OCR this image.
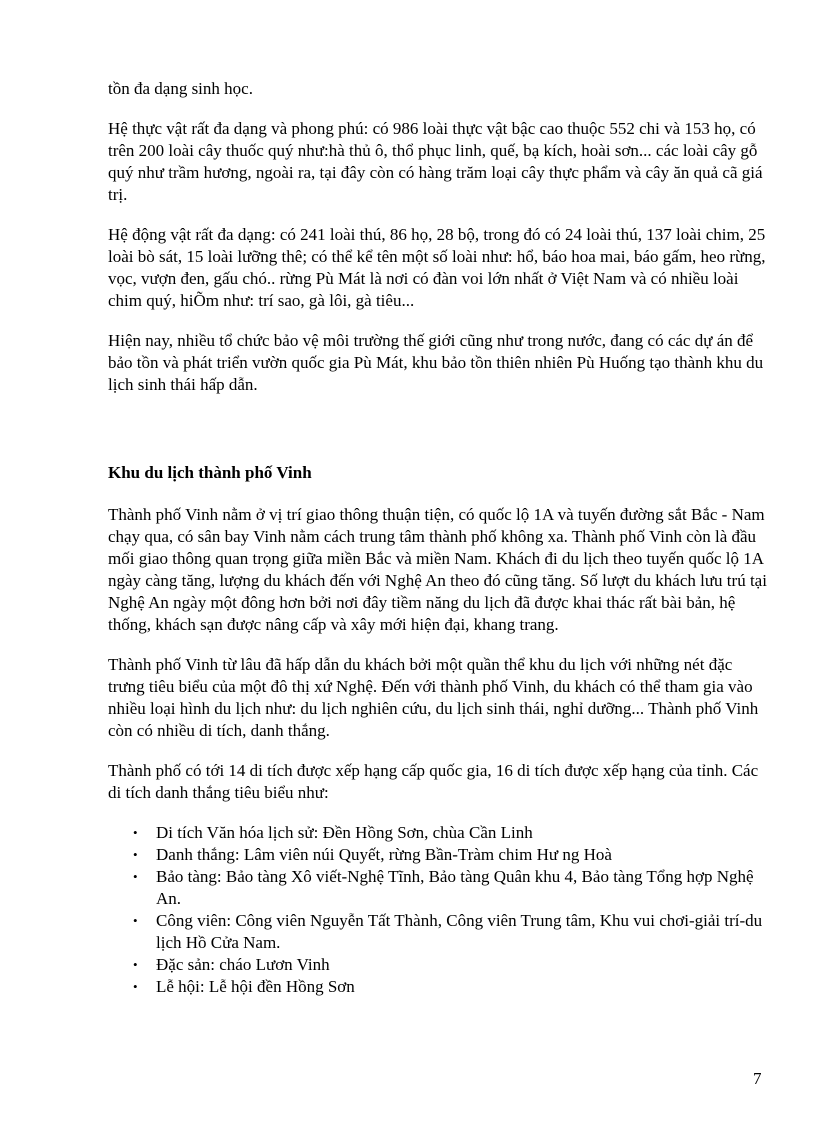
tồn đa dạng sinh học.

Hệ thực vật rất đa dạng và phong phú: có 986 loài thực vật bậc cao thuộc 552 chi và 153 họ, có trên 200 loài cây thuốc quý như:hà thủ ô, thổ phục linh, quế, bạ kích, hoài sơn... các loài cây gỗ quý như trầm hương, ngoài ra, tại đây còn có hàng trăm loại cây thực phẩm và cây ăn quả cã giá trị.

Hệ động vật rất đa dạng: có 241 loài thú, 86 họ, 28 bộ, trong đó có 24 loài thú, 137 loài chim, 25 loài bò sát, 15 loài lưỡng thê; có thể kể tên một số loài như: hổ, báo hoa mai, báo gấm, heo rừng, vọc, vượn đen, gấu chó.. rừng Pù Mát là nơi có đàn voi lớn nhất ở Việt Nam và có nhiều loài chim quý, hiÕm như: trí sao, gà lôi, gà tiêu...

Hiện nay, nhiều tổ chức bảo vệ môi trường thế giới cũng như trong nước, đang có các dự án để bảo tồn và phát triển vườn quốc gia Pù Mát, khu bảo tồn thiên nhiên Pù Huống tạo thành khu du lịch sinh thái hấp dẫn.

Khu du lịch thành phố Vinh

Thành phố Vinh nằm ở vị trí giao thông thuận tiện, có quốc lộ 1A và tuyến đường sắt Bắc - Nam chạy qua, có sân bay Vinh nằm cách trung tâm thành phố không xa. Thành phố Vinh còn là đầu mối giao thông quan trọng giữa miền Bắc và miền Nam. Khách đi du lịch theo tuyến quốc lộ 1A ngày càng tăng, lượng du khách đến với Nghệ An theo đó cũng tăng. Số lượt du khách lưu trú tại Nghệ An ngày một đông hơn bởi nơi đây tiềm năng du lịch đã được khai thác rất bài bản, hệ thống, khách sạn được nâng cấp và xây mới hiện đại, khang trang.

Thành phố Vinh từ lâu đã hấp dẫn du khách bởi một quần thể khu du lịch với những nét đặc trưng tiêu biểu của một đô thị xứ Nghệ. Đến với thành phố Vinh, du khách có thể tham gia vào nhiều loại hình du lịch như: du lịch nghiên cứu, du lịch sinh thái, nghỉ dưỡng... Thành phố Vinh còn có nhiều di tích, danh thắng.

Thành phố có tới 14 di tích được xếp hạng cấp quốc gia, 16 di tích được xếp hạng của tỉnh. Các di tích danh thắng tiêu biểu như:

• Di tích Văn hóa lịch sử: Đền Hồng Sơn, chùa Cần Linh
• Danh thắng: Lâm viên núi Quyết, rừng Bần-Tràm chim Hư ng Hoà
• Bảo tàng: Bảo tàng Xô viết-Nghệ Tĩnh, Bảo tàng Quân khu 4, Bảo tàng Tổng hợp Nghệ An.
• Công viên: Công viên Nguyễn Tất Thành, Công viên Trung tâm, Khu vui chơi-giải trí-du lịch Hồ Cửa Nam.
• Đặc sản: cháo Lươn Vinh
• Lễ hội: Lễ hội đền Hồng Sơn
7
